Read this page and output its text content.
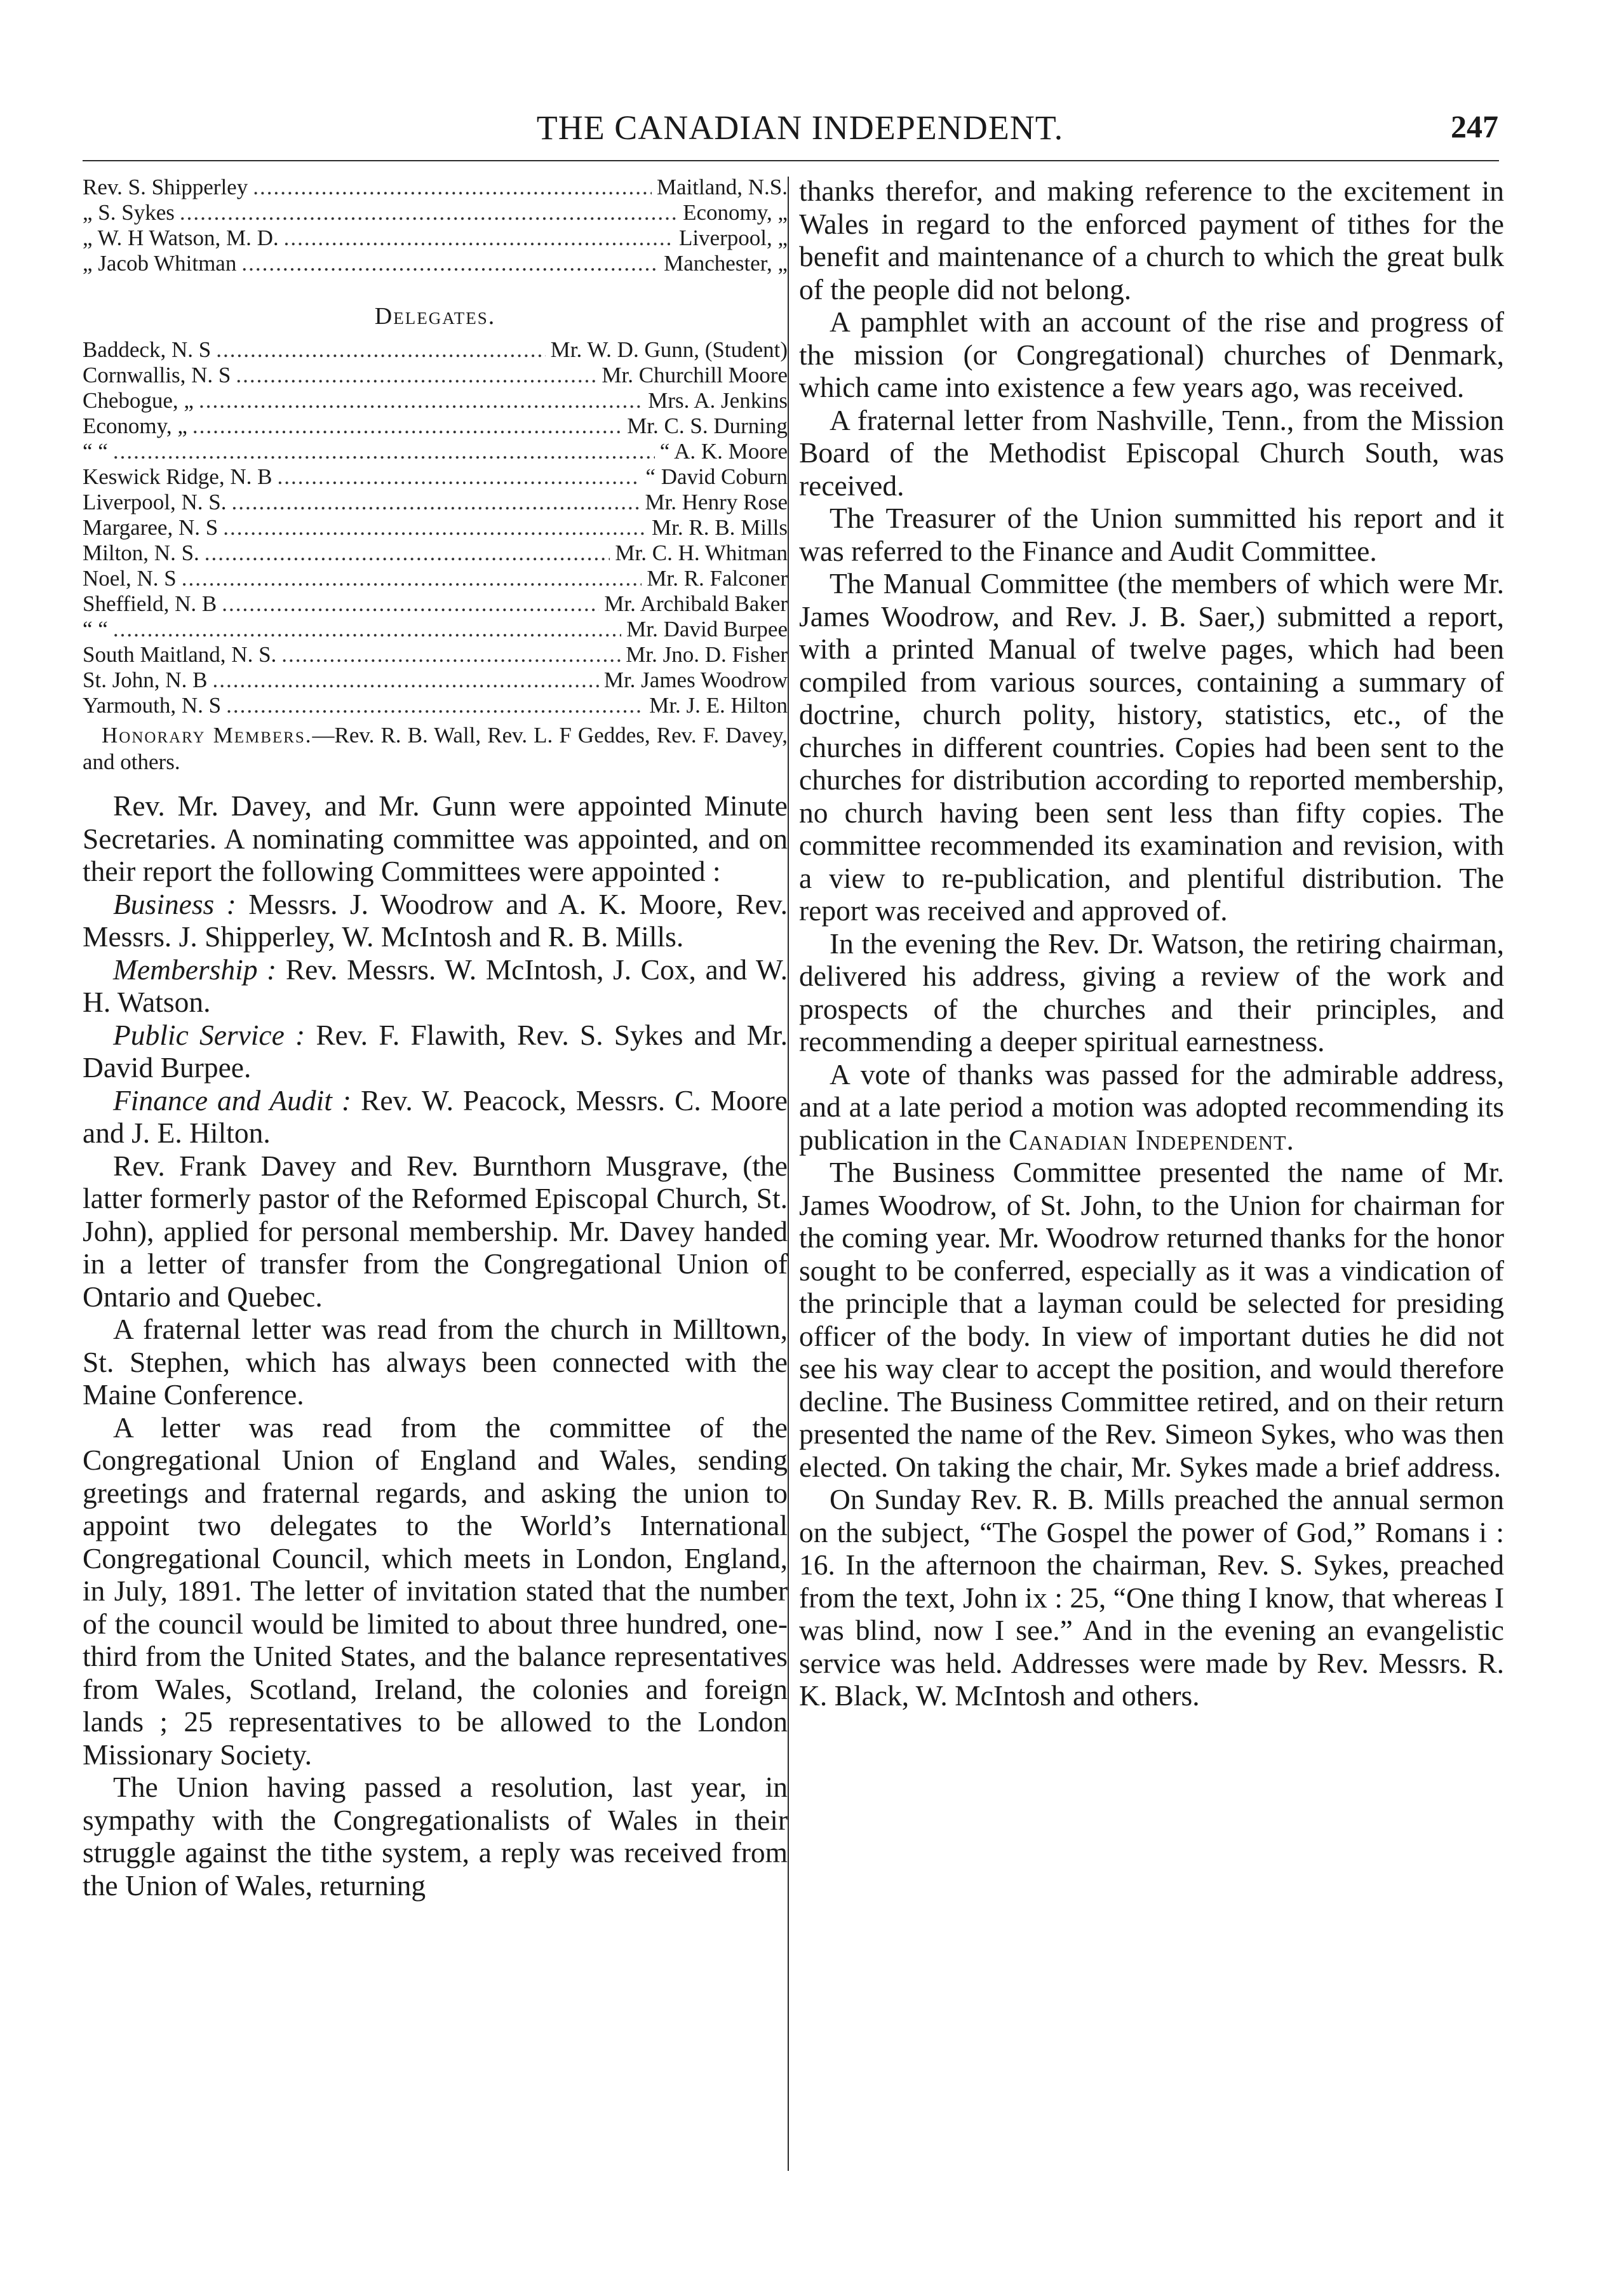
THE CANADIAN INDEPENDENT.	247
Rev. S. Shipperley .....	Maitland, N.S.
„ S. Sykes .....	Economy, „
„ W. H Watson, M. D. .....	Liverpool, „
„ Jacob Whitman .....	Manchester, „
Delegates.
Baddeck, N. S .....	Mr. W. D. Gunn, (Student)
Cornwallis, N. S .....	Mr. Churchill Moore
Chebogue, „ .....	Mrs. A. Jenkins
Economy, „ .....	Mr. C. S. Durning
“ “ .....	“ A. K. Moore
Keswick Ridge, N. B .....	“ David Coburn
Liverpool, N. S. .....	Mr. Henry Rose
Margaree, N. S .....	Mr. R. B. Mills
Milton, N. S. .....	Mr. C. H. Whitman
Noel, N. S .....	Mr. R. Falconer
Sheffield, N. B .....	Mr. Archibald Baker
“ “ .....	Mr. David Burpee
South Maitland, N. S. .....	Mr. Jno. D. Fisher
St. John, N. B .....	Mr. James Woodrow
Yarmouth, N. S .....	Mr. J. E. Hilton
Honorary Members.—Rev. R. B. Wall, Rev. L. F Geddes, Rev. F. Davey, and others.

Rev. Mr. Davey, and Mr. Gunn were appointed Minute Secretaries. A nominating committee was appointed, and on their report the following Committees were appointed :

Business : Messrs. J. Woodrow and A. K. Moore, Rev. Messrs. J. Shipperley, W. McIntosh and R. B. Mills.

Membership : Rev. Messrs. W. McIntosh, J. Cox, and W. H. Watson.

Public Service : Rev. F. Flawith, Rev. S. Sykes and Mr. David Burpee.

Finance and Audit : Rev. W. Peacock, Messrs. C. Moore and J. E. Hilton.

Rev. Frank Davey and Rev. Burnthorn Musgrave, (the latter formerly pastor of the Reformed Episcopal Church, St. John), applied for personal membership. Mr. Davey handed in a letter of transfer from the Congregational Union of Ontario and Quebec.

A fraternal letter was read from the church in Milltown, St. Stephen, which has always been connected with the Maine Conference.

A letter was read from the committee of the Congregational Union of England and Wales, sending greetings and fraternal regards, and asking the union to appoint two delegates to the World’s International Congregational Council, which meets in London, England, in July, 1891. The letter of invitation stated that the number of the council would be limited to about three hundred, one-third from the United States, and the balance representatives from Wales, Scotland, Ireland, the colonies and foreign lands ; 25 representatives to be allowed to the London Missionary Society.

The Union having passed a resolution, last year, in sympathy with the Congregationalists of Wales in their struggle against the tithe system, a reply was received from the Union of Wales, returning

thanks therefor, and making reference to the excitement in Wales in regard to the enforced payment of tithes for the benefit and maintenance of a church to which the great bulk of the people did not belong.

A pamphlet with an account of the rise and progress of the mission (or Congregational) churches of Denmark, which came into existence a few years ago, was received.

A fraternal letter from Nashville, Tenn., from the Mission Board of the Methodist Episcopal Church South, was received.

The Treasurer of the Union summitted his report and it was referred to the Finance and Audit Committee.

The Manual Committee (the members of which were Mr. James Woodrow, and Rev. J. B. Saer,) submitted a report, with a printed Manual of twelve pages, which had been compiled from various sources, containing a summary of doctrine, church polity, history, statistics, etc., of the churches in different countries. Copies had been sent to the churches for distribution according to reported membership, no church having been sent less than fifty copies. The committee recommended its examination and revision, with a view to re-publication, and plentiful distribution. The report was received and approved of.

In the evening the Rev. Dr. Watson, the retiring chairman, delivered his address, giving a review of the work and prospects of the churches and their principles, and recommending a deeper spiritual earnestness.

A vote of thanks was passed for the admirable address, and at a late period a motion was adopted recommending its publication in the Canadian Independent.

The Business Committee presented the name of Mr. James Woodrow, of St. John, to the Union for chairman for the coming year. Mr. Woodrow returned thanks for the honor sought to be conferred, especially as it was a vindication of the principle that a layman could be selected for presiding officer of the body. In view of important duties he did not see his way clear to accept the position, and would therefore decline. The Business Committee retired, and on their return presented the name of the Rev. Simeon Sykes, who was then elected. On taking the chair, Mr. Sykes made a brief address.

On Sunday Rev. R. B. Mills preached the annual sermon on the subject, “The Gospel the power of God,” Romans i : 16. In the afternoon the chairman, Rev. S. Sykes, preached from the text, John ix : 25, “One thing I know, that whereas I was blind, now I see.” And in the evening an evangelistic service was held. Addresses were made by Rev. Messrs. R. K. Black, W. McIntosh and others.
